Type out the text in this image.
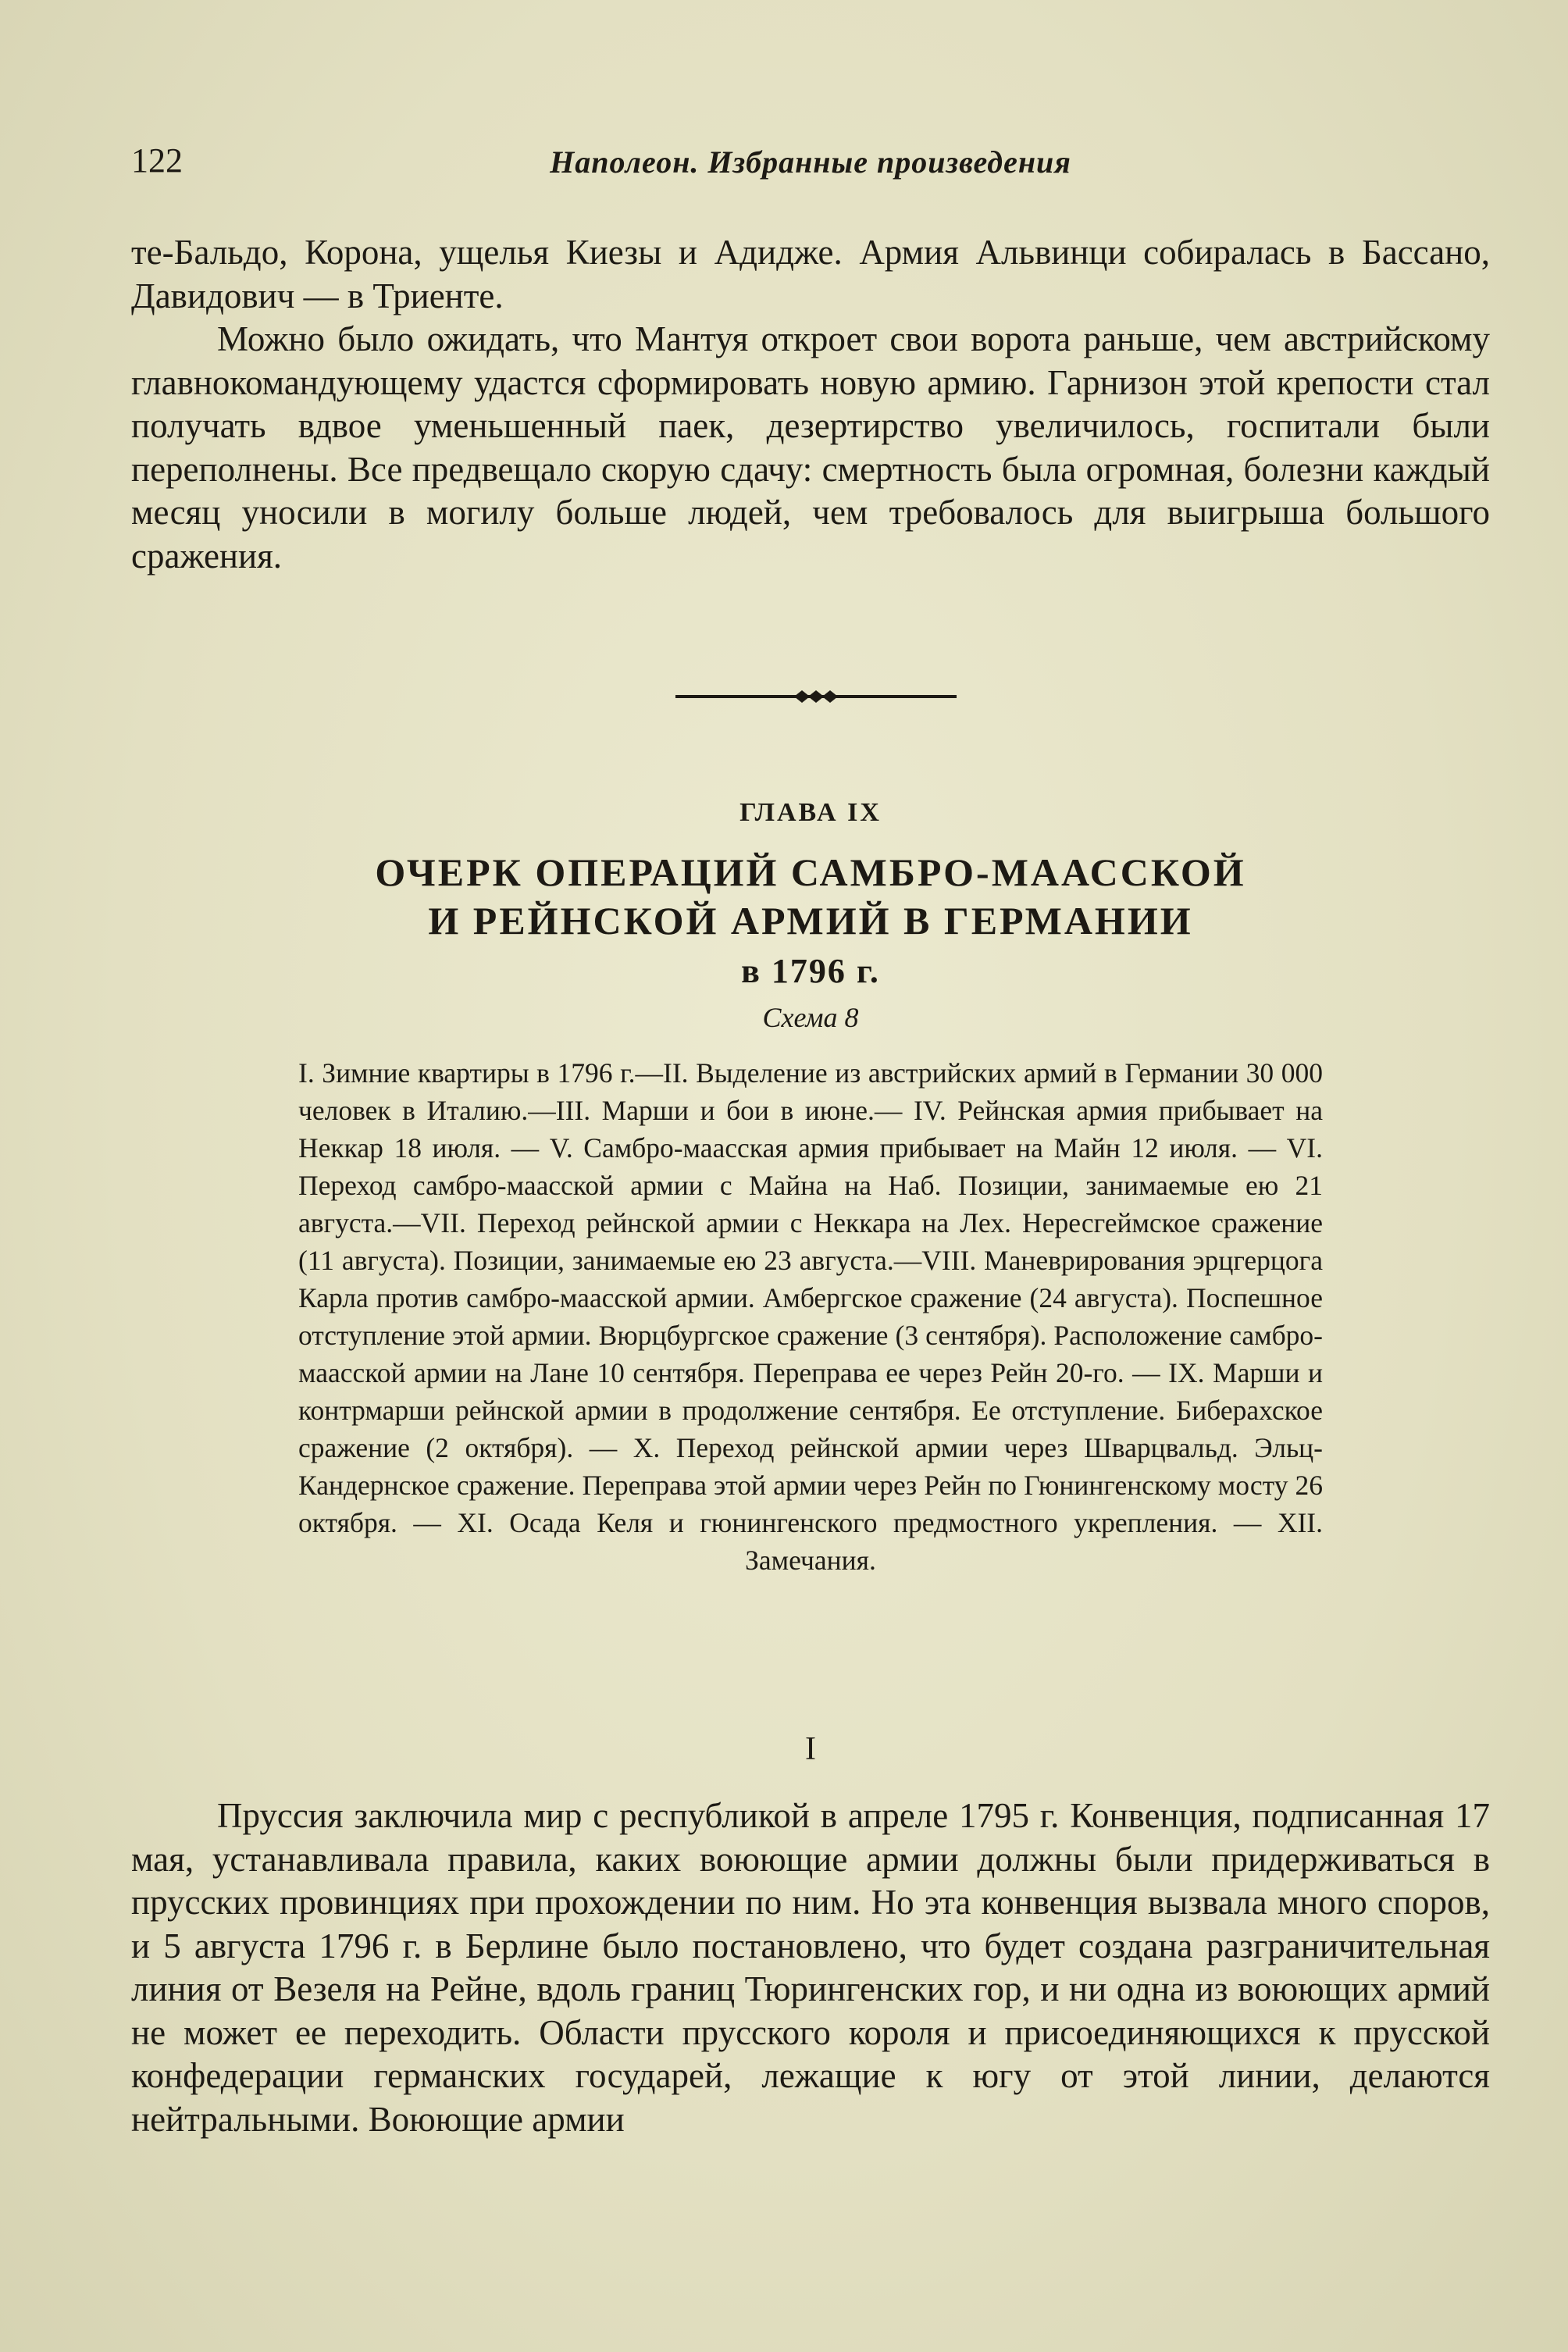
122	Наполеон. Избранные произведения

те-Бальдо, Корона, ущелья Киезы и Адидже. Армия Альвинци собиралась в Бассано, Давидович — в Триенте.

Можно было ожидать, что Мантуя откроет свои ворота раньше, чем австрийскому главнокомандующему удастся сформировать новую армию. Гарнизон этой крепости стал получать вдвое уменьшенный паек, дезертирство увеличилось, госпитали были переполнены. Все предвещало скорую сдачу: смертность была огромная, болезни каждый месяц уносили в могилу больше людей, чем требовалось для выигрыша большого сражения.

ГЛАВА IX
ОЧЕРК ОПЕРАЦИЙ САМБРО-МААССКОЙ
И РЕЙНСКОЙ АРМИЙ В ГЕРМАНИИ
в 1796 г.
Схема 8
I. Зимние квартиры в 1796 г.—II. Выделение из австрийских армий в Германии 30 000 человек в Италию.—III. Марши и бои в июне.— IV. Рейнская армия прибывает на Неккар 18 июля. — V. Самбро-маасская армия прибывает на Майн 12 июля. — VI. Переход самбро-маасской армии с Майна на Наб. Позиции, занимаемые ею 21 августа.—VII. Переход рейнской армии с Неккара на Лех. Нересгеймское сражение (11 августа). Позиции, занимаемые ею 23 августа.—VIII. Маневрирования эрцгерцога Карла против самбро-маасской армии. Амбергское сражение (24 августа). Поспешное отступление этой армии. Вюрцбургское сражение (3 сентября). Расположение самбро-маасской армии на Лане 10 сентября. Переправа ее через Рейн 20-го. — IX. Марши и контрмарши рейнской армии в продолжение сентября. Ее отступление. Биберахское сражение (2 октября). — X. Переход рейнской армии через Шварцвальд. Эльц-Кандернское сражение. Переправа этой армии через Рейн по Гюнингенскому мосту 26 октября. — XI. Осада Келя и гюнингенского предмостного укрепления. — XII. Замечания.
I

Пруссия заключила мир с республикой в апреле 1795 г. Конвенция, подписанная 17 мая, устанавливала правила, каких воюющие армии должны были придерживаться в прусских провинциях при прохождении по ним. Но эта конвенция вызвала много споров, и 5 августа 1796 г. в Берлине было постановлено, что будет создана разграничительная линия от Везеля на Рейне, вдоль границ Тюрингенских гор, и ни одна из воюющих армий не может ее переходить. Области прусского короля и присоединяющихся к прусской конфедерации германских государей, лежащие к югу от этой линии, делаются нейтральными. Воюющие армии
